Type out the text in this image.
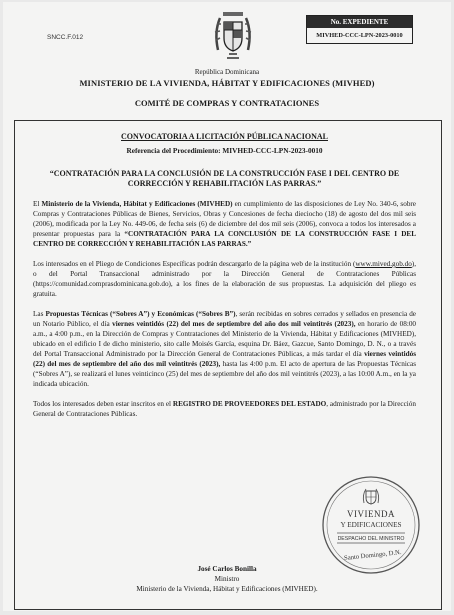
SNCC.F.012
No. EXPEDIENTE
MIVHED-CCC-LPN-2023-0010
República Dominicana
MINISTERIO DE LA VIVIENDA, HÁBITAT Y EDIFICACIONES (MIVHED)
COMITÉ DE COMPRAS Y CONTRATACIONES
CONVOCATORIA A LICITACIÓN PÚBLICA NACIONAL
Referencia del Procedimiento: MIVHED-CCC-LPN-2023-0010
“CONTRATACIÓN PARA LA CONCLUSIÓN DE LA CONSTRUCCIÓN FASE I DEL CENTRO DE CORRECCIÓN Y REHABILITACIÓN LAS PARRAS.”
El Ministerio de la Vivienda, Hábitat y Edificaciones (MIVHED) en cumplimiento de las disposiciones de Ley No. 340-6, sobre Compras y Contrataciones Públicas de Bienes, Servicios, Obras y Concesiones de fecha dieciocho (18) de agosto del dos mil seis (2006), modificada por la Ley No. 449-06, de fecha seis (6) de diciembre del dos mil seis (2006), convoca a todos los interesados a presentar propuestas para la “CONTRATACIÓN PARA LA CONCLUSIÓN DE LA CONSTRUCCIÓN FASE I DEL CENTRO DE CORRECCIÓN Y REHABILITACIÓN LAS PARRAS.”
Los interesados en el Pliego de Condiciones Específicas podrán descargarlo de la página web de la institución (www.mived.gob.do), o del Portal Transaccional administrado por la Dirección General de Contrataciones Públicas (https://comunidad.comprasdominicana.gob.do), a los fines de la elaboración de sus propuestas. La adquisición del pliego es gratuita.
Las Propuestas Técnicas (“Sobres A”) y Económicas (“Sobres B”), serán recibidas en sobres cerrados y sellados en presencia de un Notario Público, el día viernes veintidós (22) del mes de septiembre del año dos mil veintitrés (2023), en horario de 08:00 a.m., a 4:00 p.m., en la Dirección de Compras y Contrataciones del Ministerio de la Vivienda, Hábitat y Edificaciones (MIVHED), ubicado en el edificio I de dicho ministerio, sito calle Moisés García, esquina Dr. Báez, Gazcue, Santo Domingo, D. N., o a través del Portal Transaccional Administrado por la Dirección General de Contrataciones Públicas, a más tardar el día viernes veintidós (22) del mes de septiembre del año dos mil veintitrés (2023), hasta las 4:00 p.m. El acto de apertura de las Propuestas Técnicas (“Sobres A”), se realizará el lunes veinticinco (25) del mes de septiembre del año dos mil veintitrés (2023), a las 10:00 A.m., en la ya indicada ubicación.
Todos los interesados deben estar inscritos en el REGISTRO DE PROVEEDORES DEL ESTADO, administrado por la Dirección General de Contrataciones Públicas.
José Carlos Bonilla
Ministro
Ministerio de la Vivienda, Hábitat y Edificaciones (MIVHED).
VIVIENDA
Y EDIFICACIONES
DESPACHO DEL MINISTRO
Santo Domingo, D.N.
